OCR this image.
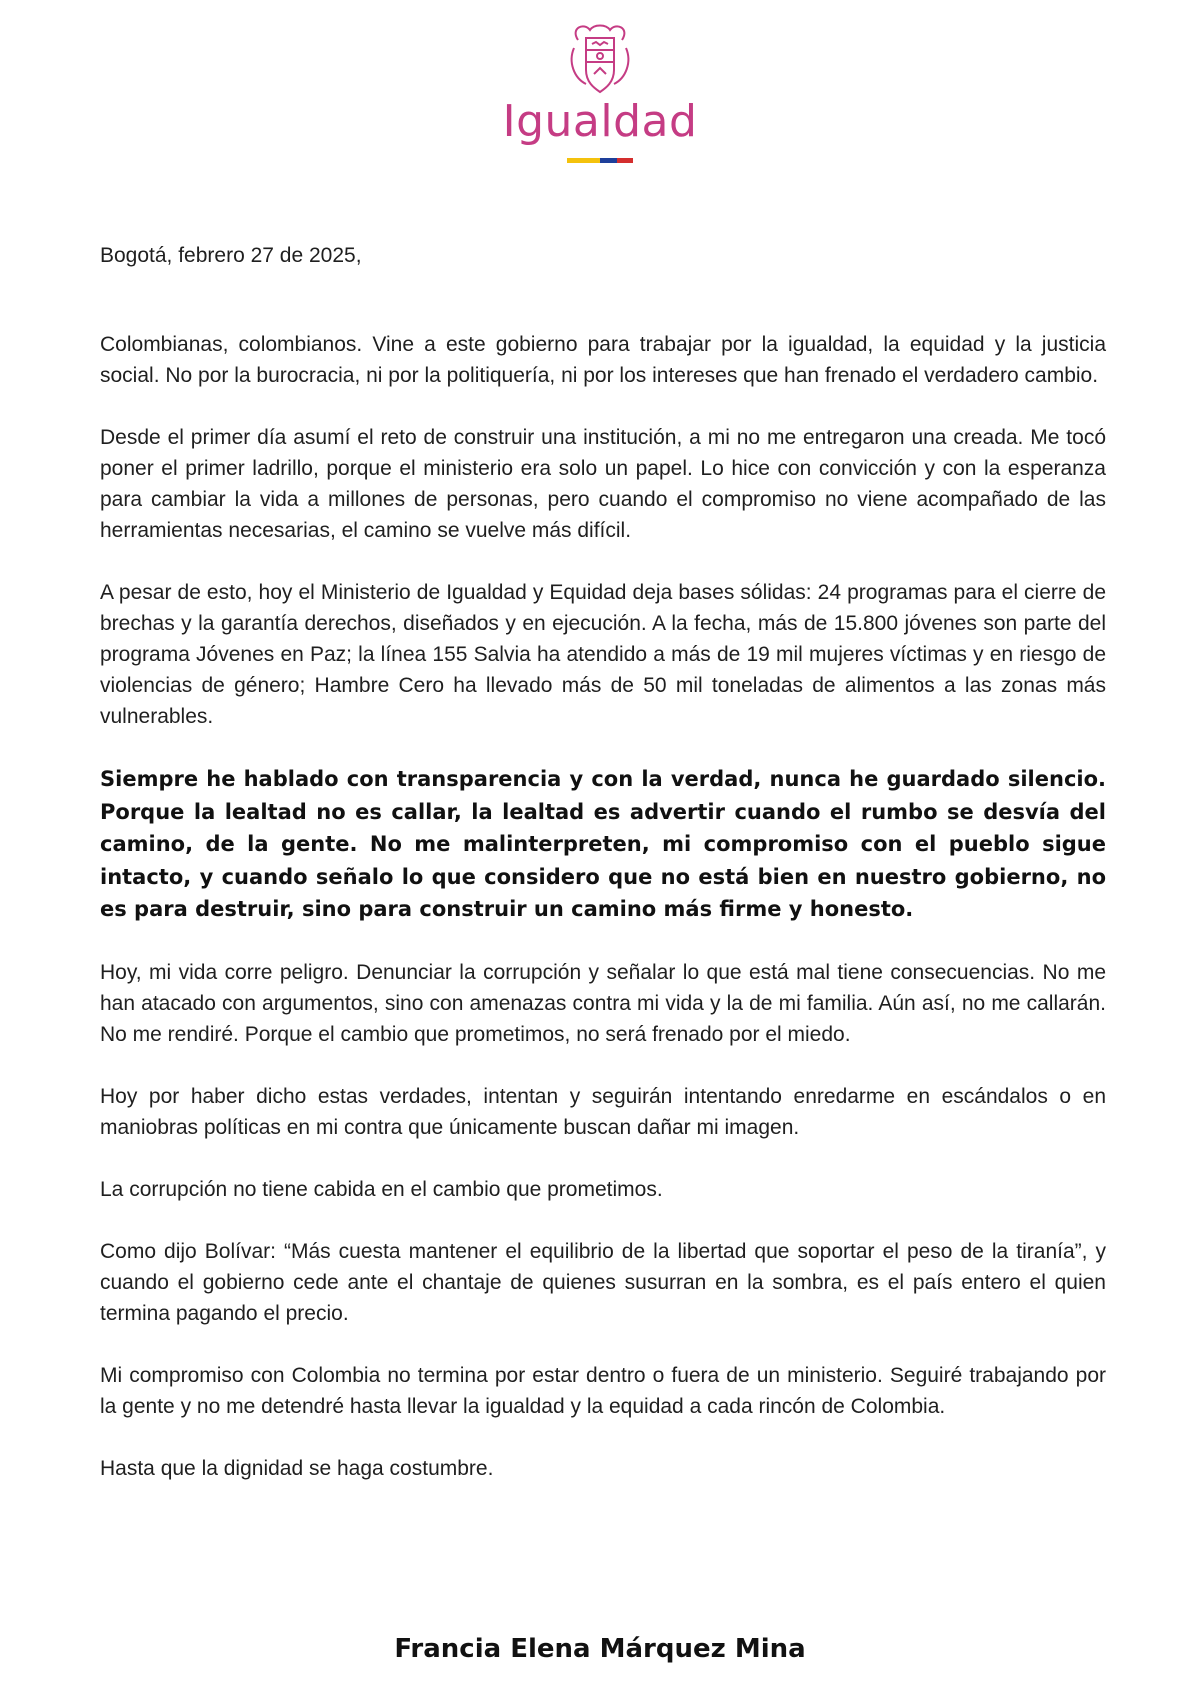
Igualdad

Bogotá, febrero 27 de 2025,

Colombianas, colombianos. Vine a este gobierno para trabajar por la igualdad, la equidad y la justicia social. No por la burocracia, ni por la politiquería, ni por los intereses que han frenado el verdadero cambio.

Desde el primer día asumí el reto de construir una institución, a mi no me entregaron una creada. Me tocó poner el primer ladrillo, porque el ministerio era solo un papel. Lo hice con convicción y con la esperanza para cambiar la vida a millones de personas, pero cuando el compromiso no viene acompañado de las herramientas necesarias, el camino se vuelve más difícil.

A pesar de esto, hoy el Ministerio de Igualdad y Equidad deja bases sólidas: 24 programas para el cierre de brechas y la garantía derechos, diseñados y en ejecución. A la fecha, más de 15.800 jóvenes son parte del programa Jóvenes en Paz; la línea 155 Salvia ha atendido a más de 19 mil mujeres víctimas y en riesgo de violencias de género; Hambre Cero ha llevado más de 50 mil toneladas de alimentos a las zonas más vulnerables.

Siempre he hablado con transparencia y con la verdad, nunca he guardado silencio. Porque la lealtad no es callar, la lealtad es advertir cuando el rumbo se desvía del camino, de la gente. No me malinterpreten, mi compromiso con el pueblo sigue intacto, y cuando señalo lo que considero que no está bien en nuestro gobierno, no es para destruir, sino para construir un camino más firme y honesto.

Hoy, mi vida corre peligro. Denunciar la corrupción y señalar lo que está mal tiene consecuencias. No me han atacado con argumentos, sino con amenazas contra mi vida y la de mi familia. Aún así, no me callarán. No me rendiré. Porque el cambio que prometimos, no será frenado por el miedo.

Hoy por haber dicho estas verdades, intentan y seguirán intentando enredarme en escándalos o en maniobras políticas en mi contra que únicamente buscan dañar mi imagen.

La corrupción no tiene cabida en el cambio que prometimos.

Como dijo Bolívar: “Más cuesta mantener el equilibrio de la libertad que soportar el peso de la tiranía”, y cuando el gobierno cede ante el chantaje de quienes susurran en la sombra, es el país entero el quien termina pagando el precio.

Mi compromiso con Colombia no termina por estar dentro o fuera de un ministerio. Seguiré trabajando por la gente y no me detendré hasta llevar la igualdad y la equidad a cada rincón de Colombia.

Hasta que la dignidad se haga costumbre.

Francia Elena Márquez Mina
